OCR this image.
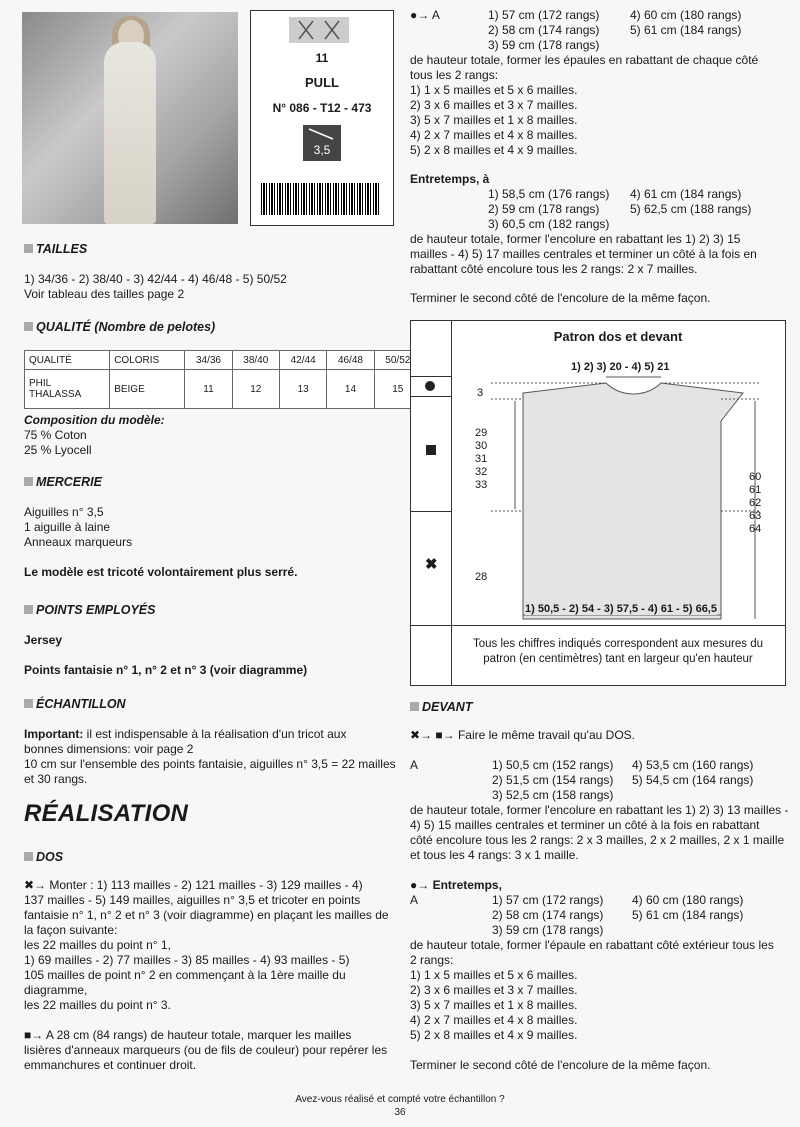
11
PULL
N° 086 - T12 - 473
3,5
TAILLES
1) 34/36 - 2) 38/40 - 3) 42/44 - 4) 46/48 - 5) 50/52
Voir tableau des tailles page 2
QUALITÉ (Nombre de pelotes)
QUALITÉ	COLORIS	34/36	38/40	42/44	46/48	50/52

PHIL
THALASSA	BEIGE	11	12	13	14	15
Composition du modèle:
75 % Coton
25 % Lyocell
MERCERIE
Aiguilles n° 3,5
1 aiguille à laine
Anneaux marqueurs
Le modèle est tricoté volontairement plus serré.
POINTS EMPLOYÉS
Jersey
Points fantaisie n° 1, n° 2 et n° 3 (voir diagramme)
ÉCHANTILLON
Important: il est indispensable à la réalisation d'un tricot aux
bonnes dimensions: voir page 2
10 cm sur l'ensemble des points fantaisie, aiguilles n° 3,5 = 22 mailles
et 30 rangs.
RÉALISATION
DOS
✖→ Monter : 1) 113 mailles - 2) 121 mailles - 3) 129 mailles - 4)
137 mailles - 5) 149 mailles, aiguilles n° 3,5 et tricoter en points
fantaisie n° 1, n° 2 et n° 3 (voir diagramme) en plaçant les mailles de
la façon suivante:
les 22 mailles du point n° 1,
1) 69 mailles - 2) 77 mailles - 3) 85 mailles - 4) 93 mailles - 5)
105 mailles de point n° 2 en commençant à la 1ère maille du
diagramme,
les 22 mailles du point n° 3.
■→ A 28 cm (84 rangs) de hauteur totale, marquer les mailles
lisières d'anneaux marqueurs (ou de fils de couleur) pour repérer les
emmanchures et continuer droit.
●→ A	1) 57 cm (172 rangs)
2) 58 cm (174 rangs)
3) 59 cm (178 rangs)
4) 60 cm (180 rangs)
5) 61 cm (184 rangs)
de hauteur totale, former les épaules en rabattant de chaque côté
tous les 2 rangs:
1) 1 x 5 mailles et 5 x 6 mailles.
2) 3 x 6 mailles et 3 x 7 mailles.
3) 5 x 7 mailles et 1 x 8 mailles.
4) 2 x 7 mailles et 4 x 8 mailles.
5) 2 x 8 mailles et 4 x 9 mailles.
Entretemps, à
1) 58,5 cm (176 rangs)
2) 59 cm (178 rangs)
3) 60,5 cm (182 rangs)
4) 61 cm (184 rangs)
5) 62,5 cm (188 rangs)
de hauteur totale, former l'encolure en rabattant les 1) 2) 3) 15
mailles - 4) 5) 17 mailles centrales et terminer un côté à la fois en
rabattant côté encolure tous les 2 rangs: 2 x 7 mailles.
Terminer le second côté de l'encolure de la même façon.
✖
Patron dos et devant
1) 2) 3) 20 - 4) 5) 21
3
29
30
31
32
33
28
60
61
62
63
64
1) 50,5 - 2) 54 - 3) 57,5 - 4) 61 - 5) 66,5
Tous les chiffres indiqués correspondent aux mesures du
patron (en centimètres) tant en largeur qu'en hauteur
DEVANT
✖→ ■→ Faire le même travail qu'au DOS.
A	1) 50,5 cm (152 rangs)
2) 51,5 cm (154 rangs)
3) 52,5 cm (158 rangs)
4) 53,5 cm (160 rangs)
5) 54,5 cm (164 rangs)
de hauteur totale, former l'encolure en rabattant les 1) 2) 3) 13 mailles -
4) 5) 15 mailles centrales et terminer un côté à la fois en rabattant
côté encolure tous les 2 rangs: 2 x 3 mailles, 2 x 2 mailles, 2 x 1 maille
et tous les 4 rangs: 3 x 1 maille.
●→ Entretemps,
A	1) 57 cm (172 rangs)
2) 58 cm (174 rangs)
3) 59 cm (178 rangs)
4) 60 cm (180 rangs)
5) 61 cm (184 rangs)
de hauteur totale, former l'épaule en rabattant côté extérieur tous les
2 rangs:
1) 1 x 5 mailles et 5 x 6 mailles.
2) 3 x 6 mailles et 3 x 7 mailles.
3) 5 x 7 mailles et 1 x 8 mailles.
4) 2 x 7 mailles et 4 x 8 mailles.
5) 2 x 8 mailles et 4 x 9 mailles.
Terminer le second côté de l'encolure de la même façon.
Avez-vous réalisé et compté votre échantillon ?
36
